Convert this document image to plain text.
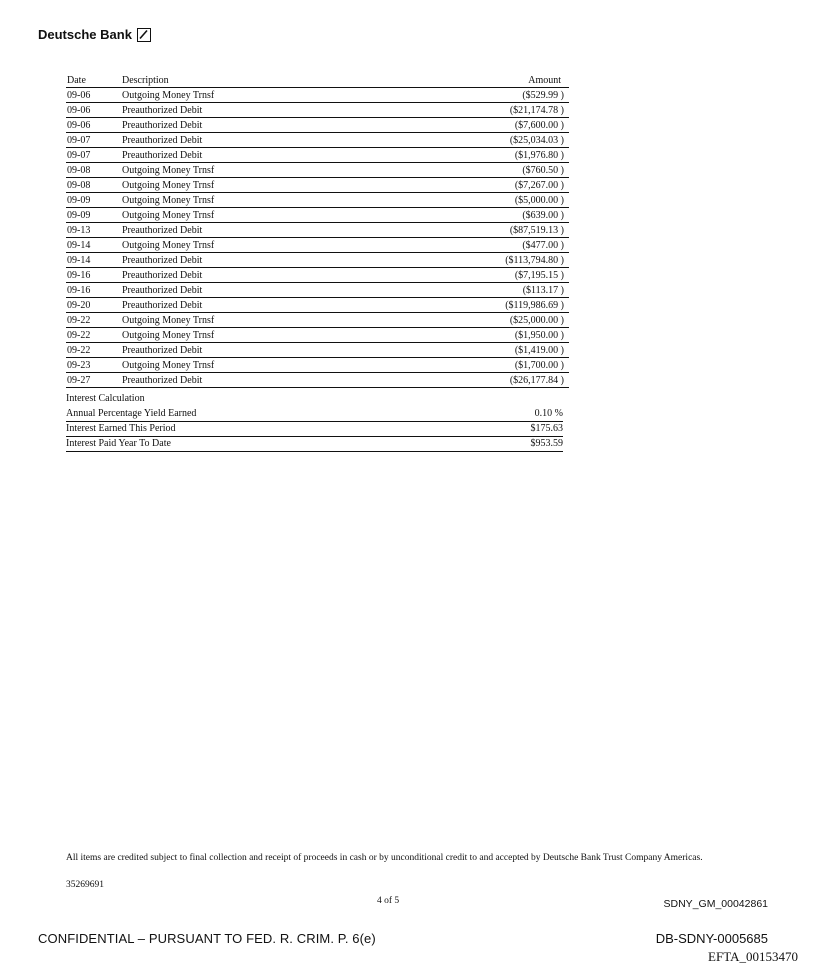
Deutsche Bank
Date	Description	Amount
09-06	Outgoing Money Trnsf	($529.99 )
09-06	Preauthorized Debit	($21,174.78 )
09-06	Preauthorized Debit	($7,600.00 )
09-07	Preauthorized Debit	($25,034.03 )
09-07	Preauthorized Debit	($1,976.80 )
09-08	Outgoing Money Trnsf	($760.50 )
09-08	Outgoing Money Trnsf	($7,267.00 )
09-09	Outgoing Money Trnsf	($5,000.00 )
09-09	Outgoing Money Trnsf	($639.00 )
09-13	Preauthorized Debit	($87,519.13 )
09-14	Outgoing Money Trnsf	($477.00 )
09-14	Preauthorized Debit	($113,794.80 )
09-16	Preauthorized Debit	($7,195.15 )
09-16	Preauthorized Debit	($113.17 )
09-20	Preauthorized Debit	($119,986.69 )
09-22	Outgoing Money Trnsf	($25,000.00 )
09-22	Outgoing Money Trnsf	($1,950.00 )
09-22	Preauthorized Debit	($1,419.00 )
09-23	Outgoing Money Trnsf	($1,700.00 )
09-27	Preauthorized Debit	($26,177.84 )
Interest Calculation
Annual Percentage Yield Earned	0.10 %
Interest Earned This Period	$175.63
Interest Paid Year To Date	$953.59
All items are credited subject to final collection and receipt of proceeds in cash or by unconditional credit to and accepted by Deutsche Bank Trust Company Americas.
35269691
4 of 5	SDNY_GM_00042861
CONFIDENTIAL – PURSUANT TO FED. R. CRIM. P. 6(e)	DB-SDNY-0005685
EFTA_00153470
